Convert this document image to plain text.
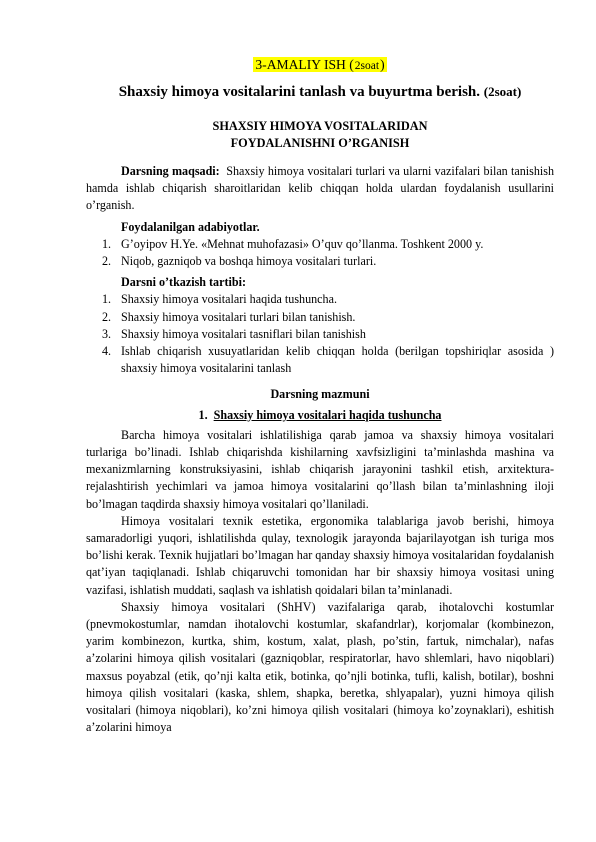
3-AMALIY ISH (2soat)
Shaxsiy himoya vositalarini tanlash va buyurtma berish. (2soat)
SHAXSIY HIMOYA VOSITALARIDAN
FOYDALANISHNI O’RGANISH

Darsning maqsadi: Shaxsiy himoya vositalari turlari va ularni vazifalari bilan tanishish hamda ishlab chiqarish sharoitlaridan kelib chiqqan holda ulardan foydalanish usullarini o’rganish.

Foydalanilgan adabiyotlar.
1. G’oyipov H.Ye. «Mehnat muhofazasi» O’quv qo’llanma. Toshkent 2000 y.
2. Niqob, gazniqob va boshqa himoya vositalari turlari.
Darsni o’tkazish tartibi:
1. Shaxsiy himoya vositalari haqida tushuncha.
2. Shaxsiy himoya vositalari turlari bilan tanishish.
3. Shaxsiy himoya vositalari tasniflari bilan tanishish
4. Ishlab chiqarish xusuyatlaridan kelib chiqqan holda (berilgan topshiriqlar asosida ) shaxsiy himoya vositalarini tanlash
Darsning mazmuni
1. Shaxsiy himoya vositalari haqida tushuncha

Barcha himoya vositalari ishlatilishiga qarab jamoa va shaxsiy himoya vositalari turlariga bo’linadi. Ishlab chiqarishda kishilarning xavfsizligini ta’minlashda mashina va mexanizmlarning konstruksiyasini, ishlab chiqarish jarayonini tashkil etish, arxitektura-rejalashtirish yechimlari va jamoa himoya vositalarini qo’llash bilan ta’minlashning iloji bo’lmagan taqdirda shaxsiy himoya vositalari qo’llaniladi.

Himoya vositalari texnik estetika, ergonomika talablariga javob berishi, himoya samaradorligi yuqori, ishlatilishda qulay, texnologik jarayonda bajarilayotgan ish turiga mos bo’lishi kerak. Texnik hujjatlari bo’lmagan har qanday shaxsiy himoya vositalaridan foydalanish qat’iyan taqiqlanadi. Ishlab chiqaruvchi tomonidan har bir shaxsiy himoya vositasi uning vazifasi, ishlatish muddati, saqlash va ishlatish qoidalari bilan ta’minlanadi.

Shaxsiy himoya vositalari (ShHV) vazifalariga qarab, ihotalovchi kostumlar (pnevmokostumlar, namdan ihotalovchi kostumlar, skafandrlar), korjomalar (kombinezon, yarim kombinezon, kurtka, shim, kostum, xalat, plash, po’stin, fartuk, nimchalar), nafas a’zolarini himoya qilish vositalari (gazniqoblar, respiratorlar, havo shlemlari, havo niqoblari) maxsus poyabzal (etik, qo’nji kalta etik, botinka, qo’njli botinka, tufli, kalish, botilar), boshni himoya qilish vositalari (kaska, shlem, shapka, beretka, shlyapalar), yuzni himoya qilish vositalari (himoya niqoblari), ko’zni himoya qilish vositalari (himoya ko’zoynaklari), eshitish a’zolarini himoya
